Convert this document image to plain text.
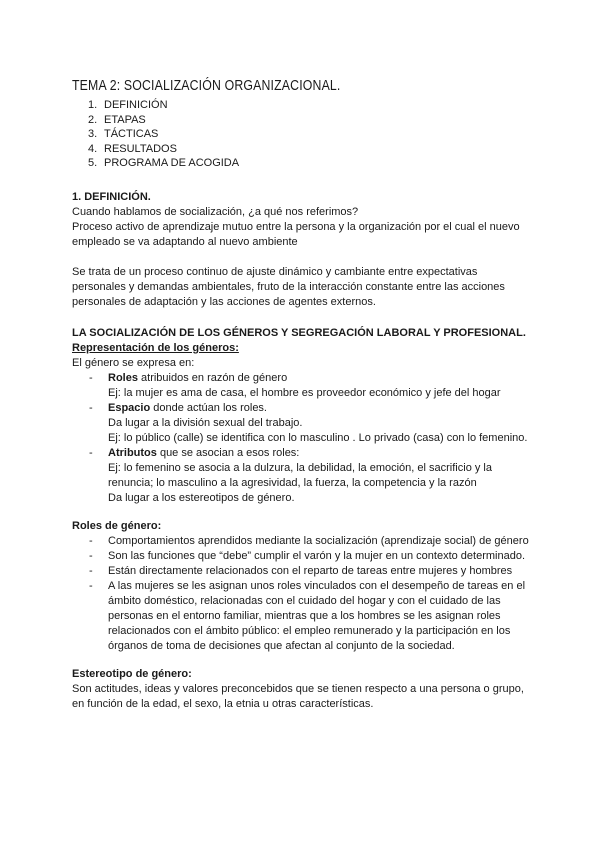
TEMA 2: SOCIALIZACIÓN ORGANIZACIONAL.
1. DEFINICIÓN
2. ETAPAS
3. TÁCTICAS
4. RESULTADOS
5. PROGRAMA DE ACOGIDA
1. DEFINICIÓN.

Cuando hablamos de socialización, ¿a qué nos referimos?

Proceso activo de aprendizaje mutuo entre la persona y la organización por el cual el nuevo empleado se va adaptando al nuevo ambiente

Se trata de un proceso continuo de ajuste dinámico y cambiante entre expectativas personales y demandas ambientales, fruto de la interacción constante entre las acciones personales de adaptación y las acciones de agentes externos.

LA SOCIALIZACIÓN DE LOS GÉNEROS Y SEGREGACIÓN LABORAL Y PROFESIONAL.
Representación de los géneros:

El género se expresa en:

- Roles atribuidos en razón de género
Ej: la mujer es ama de casa, el hombre es proveedor económico y jefe del hogar
- Espacio donde actúan los roles.
Da lugar a la división sexual del trabajo.
Ej: lo público (calle) se identifica con lo masculino . Lo privado (casa) con lo femenino.
- Atributos que se asocian a esos roles:
Ej: lo femenino se asocia a la dulzura, la debilidad, la emoción, el sacrificio y la renuncia; lo masculino a la agresividad, la fuerza, la competencia y la razón
Da lugar a los estereotipos de género.
Roles de género:
- Comportamientos aprendidos mediante la socialización (aprendizaje social) de género
- Son las funciones que “debe” cumplir el varón y la mujer en un contexto determinado.
- Están directamente relacionados con el reparto de tareas entre mujeres y hombres
- A las mujeres se les asignan unos roles vinculados con el desempeño de tareas en el ámbito doméstico, relacionadas con el cuidado del hogar y con el cuidado de las personas en el entorno familiar, mientras que a los hombres se les asignan roles relacionados con el ámbito público: el empleo remunerado y la participación en los órganos de toma de decisiones que afectan al conjunto de la sociedad.
Estereotipo de género:

Son actitudes, ideas y valores preconcebidos que se tienen respecto a una persona o grupo, en función de la edad, el sexo, la etnia u otras características.
